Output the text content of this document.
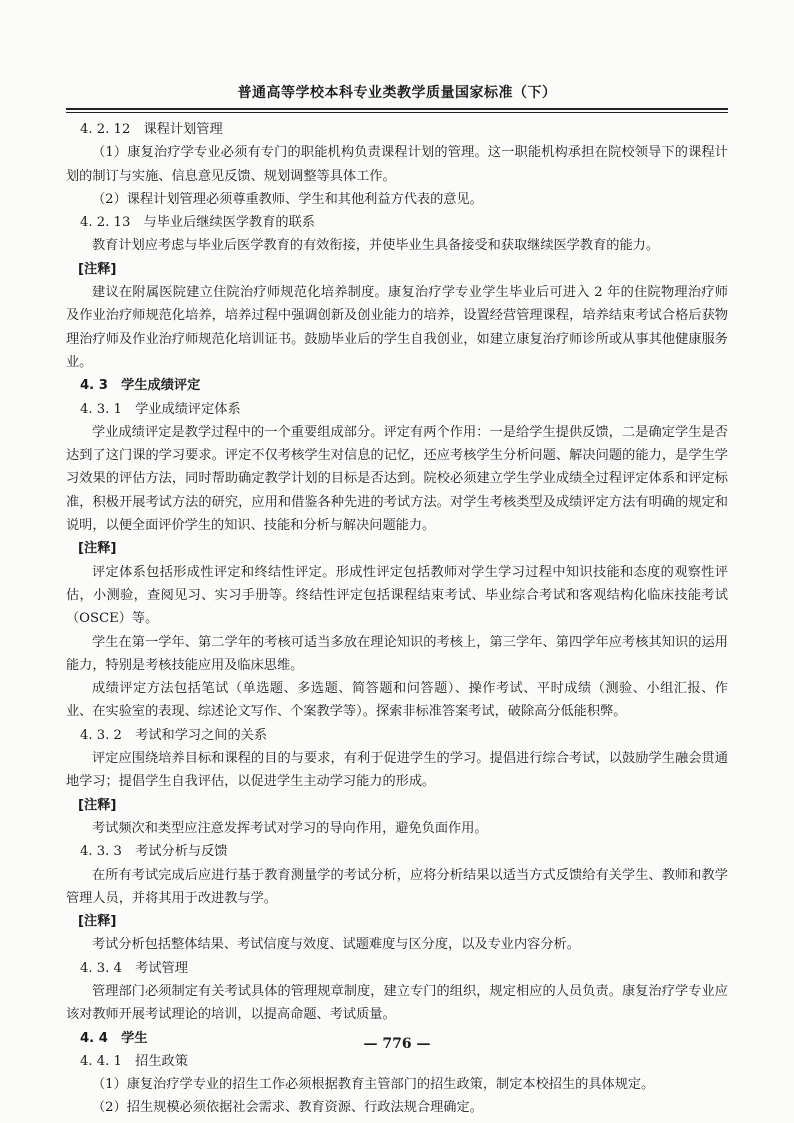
普通高等学校本科专业类教学质量国家标准（下）

4. 2. 12　课程计划管理

（1）康复治疗学专业必须有专门的职能机构负责课程计划的管理。这一职能机构承担在院校领导下的课程计划的制订与实施、信息意见反馈、规划调整等具体工作。

（2）课程计划管理必须尊重教师、学生和其他利益方代表的意见。

4. 2. 13　与毕业后继续医学教育的联系

教育计划应考虑与毕业后医学教育的有效衔接，并使毕业生具备接受和获取继续医学教育的能力。

[注释]

建议在附属医院建立住院治疗师规范化培养制度。康复治疗学专业学生毕业后可进入 2 年的住院物理治疗师及作业治疗师规范化培养，培养过程中强调创新及创业能力的培养，设置经营管理课程，培养结束考试合格后获物理治疗师及作业治疗师规范化培训证书。鼓励毕业后的学生自我创业，如建立康复治疗师诊所或从事其他健康服务业。

4. 3　学生成绩评定

4. 3. 1　学业成绩评定体系

学业成绩评定是教学过程中的一个重要组成部分。评定有两个作用：一是给学生提供反馈，二是确定学生是否达到了这门课的学习要求。评定不仅考核学生对信息的记忆，还应考核学生分析问题、解决问题的能力，是学生学习效果的评估方法，同时帮助确定教学计划的目标是否达到。院校必须建立学生学业成绩全过程评定体系和评定标准，积极开展考试方法的研究，应用和借鉴各种先进的考试方法。对学生考核类型及成绩评定方法有明确的规定和说明，以便全面评价学生的知识、技能和分析与解决问题能力。

[注释]

评定体系包括形成性评定和终结性评定。形成性评定包括教师对学生学习过程中知识技能和态度的观察性评估，小测验，查阅见习、实习手册等。终结性评定包括课程结束考试、毕业综合考试和客观结构化临床技能考试（OSCE）等。

学生在第一学年、第二学年的考核可适当多放在理论知识的考核上，第三学年、第四学年应考核其知识的运用能力，特别是考核技能应用及临床思维。

成绩评定方法包括笔试（单选题、多选题、简答题和问答题）、操作考试、平时成绩（测验、小组汇报、作业、在实验室的表现、综述论文写作、个案教学等）。探索非标准答案考试，破除高分低能积弊。

4. 3. 2　考试和学习之间的关系

评定应围绕培养目标和课程的目的与要求，有利于促进学生的学习。提倡进行综合考试，以鼓励学生融会贯通地学习；提倡学生自我评估，以促进学生主动学习能力的形成。

[注释]

考试频次和类型应注意发挥考试对学习的导向作用，避免负面作用。

4. 3. 3　考试分析与反馈

在所有考试完成后应进行基于教育测量学的考试分析，应将分析结果以适当方式反馈给有关学生、教师和教学管理人员，并将其用于改进教与学。

[注释]

考试分析包括整体结果、考试信度与效度、试题难度与区分度，以及专业内容分析。

4. 3. 4　考试管理

管理部门必须制定有关考试具体的管理规章制度，建立专门的组织，规定相应的人员负责。康复治疗学专业应该对教师开展考试理论的培训，以提高命题、考试质量。

4. 4　学生

4. 4. 1　招生政策

（1）康复治疗学专业的招生工作必须根据教育主管部门的招生政策，制定本校招生的具体规定。

（2）招生规模必须依据社会需求、教育资源、行政法规合理确定。

— 776 —
